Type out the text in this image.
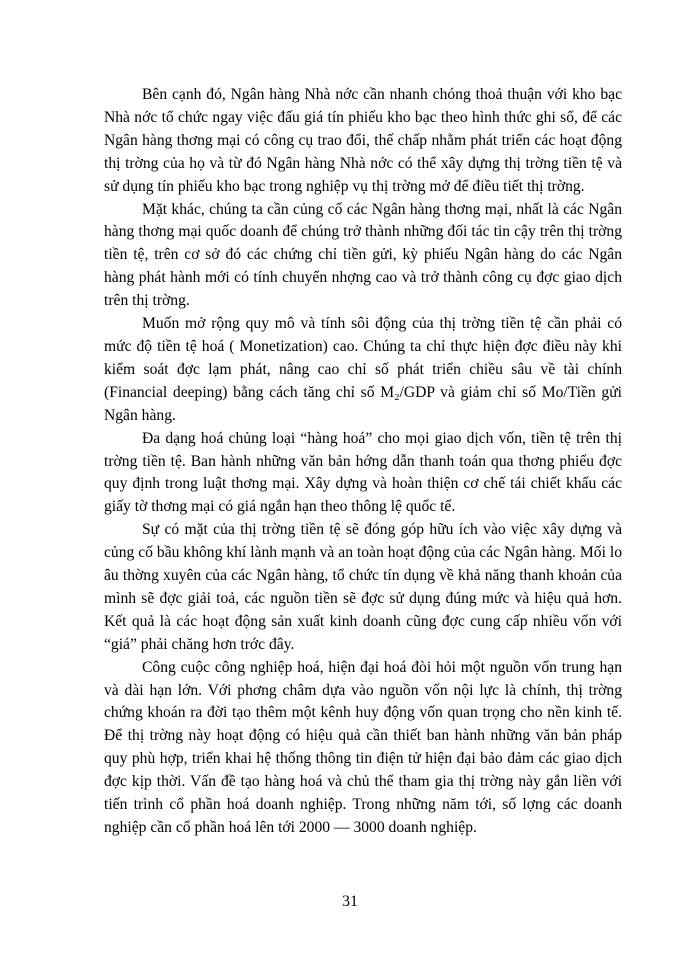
Bên cạnh đó, Ngân hàng Nhà nớc cần nhanh chóng thoả thuận với kho bạc Nhà nớc tổ chức ngay việc đấu giá tín phiếu kho bạc theo hình thức ghi sổ, để các Ngân hàng thơng mại có công cụ trao đổi, thế chấp nhằm phát triển các hoạt động thị trờng của họ và từ đó Ngân hàng Nhà nớc có thể xây dựng thị trờng tiền tệ và sử dụng tín phiếu kho bạc trong nghiệp vụ thị trờng mở để điều tiết thị trờng.

Mặt khác, chúng ta cần củng cố các Ngân hàng thơng mại, nhất là các Ngân hàng thơng mại quốc doanh để chúng trở thành những đối tác tin cậy trên thị trờng tiền tệ, trên cơ sở đó các chứng chỉ tiền gửi, kỳ phiếu Ngân hàng do các Ngân hàng phát hành mới có tính chuyển nhợng cao và trở thành công cụ đợc giao dịch trên thị trờng.

Muốn mở rộng quy mô và tính sôi động của thị trờng tiền tệ cần phải có mức độ tiền tệ hoá ( Monetization) cao. Chúng ta chỉ thực hiện đợc điều này khi kiểm soát đợc lạm phát, nâng cao chỉ số phát triển chiều sâu về tài chính (Financial deeping) bằng cách tăng chỉ số M₂/GDP và giảm chỉ số Mo/Tiền gửi Ngân hàng.

Đa dạng hoá chủng loại “hàng hoá” cho mọi giao dịch vốn, tiền tệ trên thị trờng tiền tệ. Ban hành những văn bản hớng dẫn thanh toán qua thơng phiếu đợc quy định trong luật thơng mại. Xây dựng và hoàn thiện cơ chế tái chiết khấu các giấy tờ thơng mại có giá ngắn hạn theo thông lệ quốc tế.

Sự có mặt của thị trờng tiền tệ sẽ đóng góp hữu ích vào việc xây dựng và củng cố bầu không khí lành mạnh và an toàn hoạt động của các Ngân hàng. Mối lo âu thờng xuyên của các Ngân hàng, tổ chức tín dụng về khả năng thanh khoản của mình sẽ đợc giải toả, các nguồn tiền sẽ đợc sử dụng đúng mức và hiệu quả hơn. Kết quả là các hoạt động sản xuất kinh doanh cũng đợc cung cấp nhiều vốn với “giá” phải chăng hơn trớc đây.

Công cuộc công nghiệp hoá, hiện đại hoá đòi hỏi một nguồn vốn trung hạn và dài hạn lớn. Với phơng châm dựa vào nguồn vốn nội lực là chính, thị trờng chứng khoán ra đời tạo thêm một kênh huy động vốn quan trọng cho nền kinh tế. Để thị trờng này hoạt động có hiệu quả cần thiết ban hành những văn bản pháp quy phù hợp, triển khai hệ thống thông tin điện tử hiện đại bảo đảm các giao dịch đợc kịp thời. Vấn đề tạo hàng hoá và chủ thể tham gia thị trờng này gắn liền với tiến trình cổ phần hoá doanh nghiệp. Trong những năm tới, số lợng các doanh nghiệp cần cổ phần hoá lên tới 2000 — 3000 doanh nghiệp.

31
